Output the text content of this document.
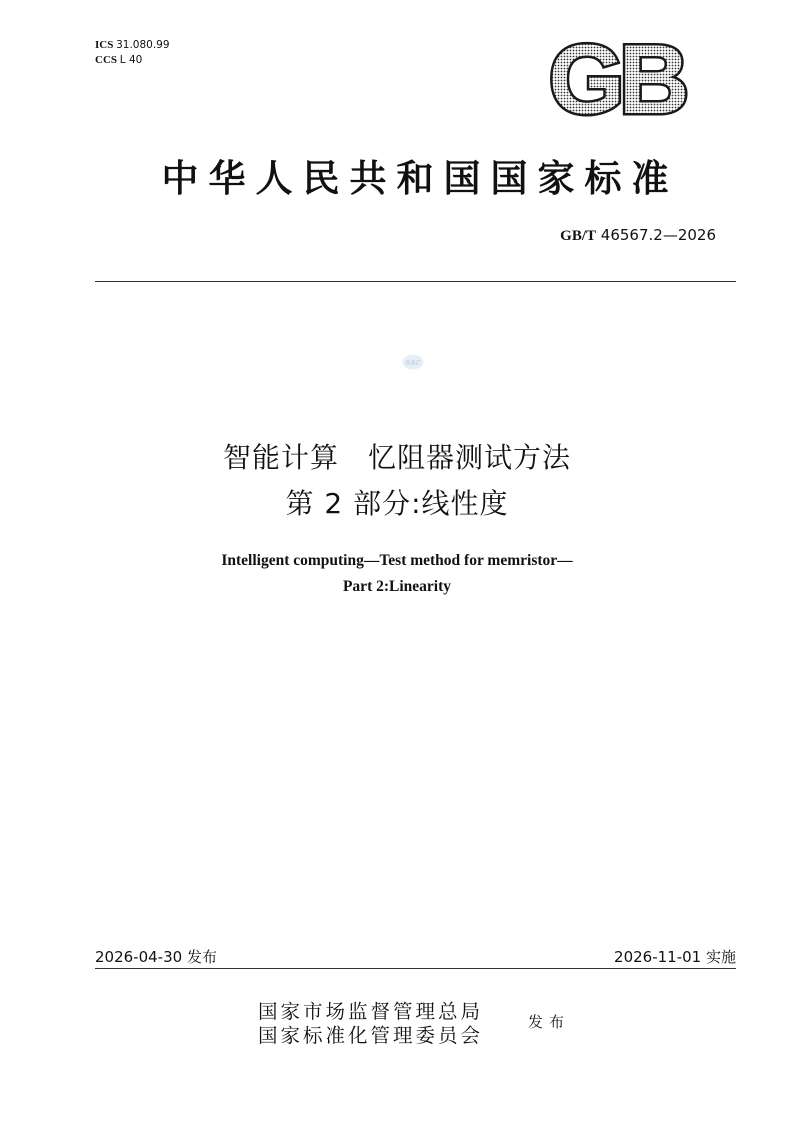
ICS 31.080.99
CCS L 40	GB
中华人民共和国国家标准
GB/T 46567.2—2026
SAC
智能计算　忆阻器测试方法
第 2 部分:线性度
Intelligent computing—Test method for memristor—
Part 2:Linearity
2026-04-30 发布	2026-11-01 实施
国家市场监督管理总局
国家标准化管理委员会
发布
